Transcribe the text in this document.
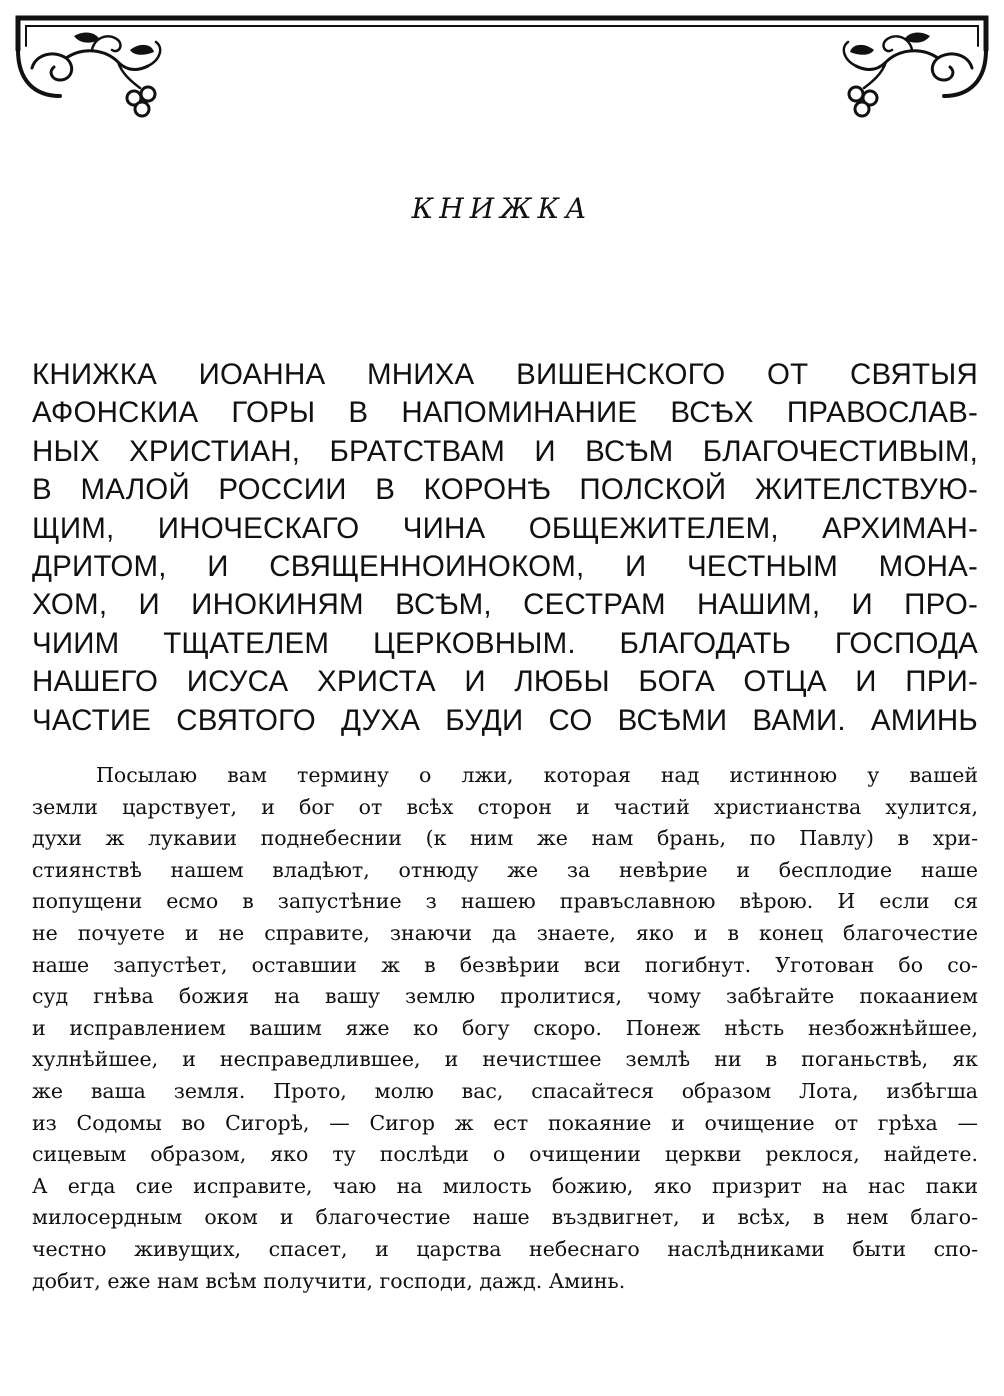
КНИЖКА
КНИЖКА ИОАННА МНИХА ВИШЕНСКОГО ОТ СВЯТЫЯ
АФОНСКИА ГОРЫ В НАПОМИНАНИЕ ВСѢХ ПРАВОСЛАВ-
НЫХ ХРИСТИАН, БРАТСТВАМ И ВСѢМ БЛАГОЧЕСТИВЫМ,
В МАЛОЙ РОССИИ В КОРОНѢ ПОЛСКОЙ ЖИТЕЛСТВУЮ-
ЩИМ, ИНОЧЕСКАГО ЧИНА ОБЩЕЖИТЕЛЕМ, АРХИМАН-
ДРИТОМ, И СВЯЩЕННОИНОКОМ, И ЧЕСТНЫМ МОНА-
ХОМ, И ИНОКИНЯМ ВСѢМ, СЕСТРАМ НАШИМ, И ПРО-
ЧИИМ ТЩАТЕЛЕМ ЦЕРКОВНЫМ. БЛАГОДАТЬ ГОСПОДА
НАШЕГО ИСУСА ХРИСТА И ЛЮБЫ БОГА ОТЦА И ПРИ-
ЧАСТИЕ СВЯТОГО ДУХА БУДИ СО ВСѢМИ ВАМИ. АМИНЬ
Посылаю вам термину о лжи, которая над истинною у вашей
земли царствует, и бог от всѣх сторон и частий христианства хулится,
духи ж лукавии поднебеснии (к ним же нам брань, по Павлу) в хри-
стиянствѣ нашем владѣют, отнюду же за невѣрие и бесплодие наше
попущени есмо в запустѣние з нашею правъславною вѣрою. И если ся
не почуете и не справите, знаючи да знаете, яко и в конец благочестие
наше запустѣет, оставшии ж в безвѣрии вси погибнут. Уготован бо со-
суд гнѣва божия на вашу землю пролитися, чому забѣгайте покаанием
и исправлением вашим яже ко богу скоро. Понеж нѣсть незбожнѣйшее,
хулнѣйшее, и несправедлившее, и нечистшее землѣ ни в поганьствѣ, як
же ваша земля. Прото, молю вас, спасайтеся образом Лота, избѣгша
из Содомы во Сигорѣ, — Сигор ж ест покаяние и очищение от грѣха —
сицевым образом, яко ту послѣди о очищении церкви реклося, найдете.
А егда сие исправите, чаю на милость божию, яко призрит на нас паки
милосердным оком и благочестие наше въздвигнет, и всѣх, в нем благо-
честно живущих, спасет, и царства небеснаго наслѣдниками быти спо-
добит, еже нам всѣм получити, господи, дажд. Аминь.
